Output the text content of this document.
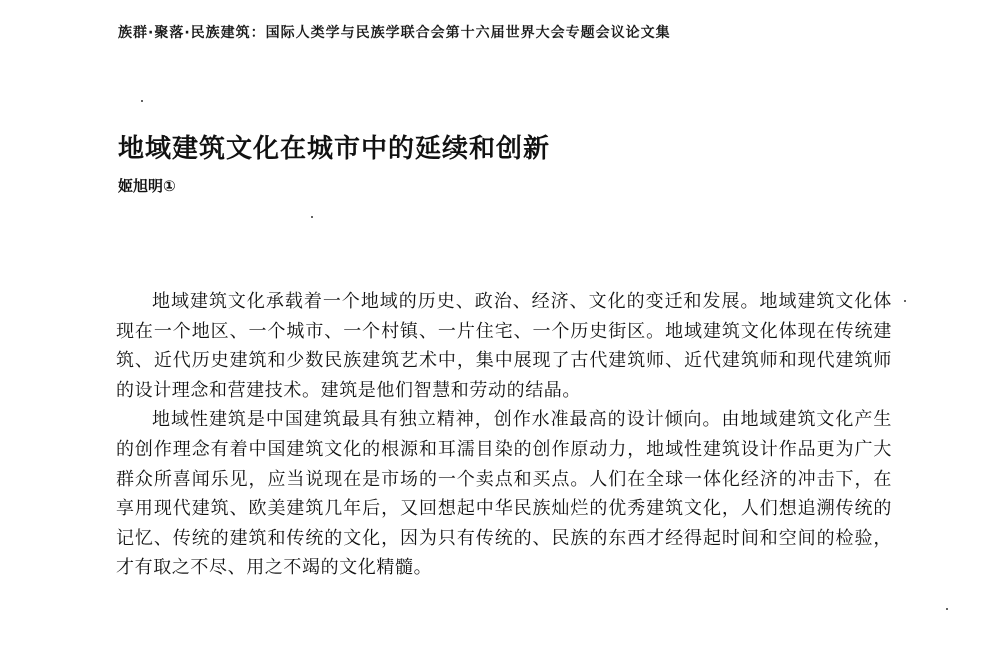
族群·聚落·民族建筑：国际人类学与民族学联合会第十六届世界大会专题会议论文集
地域建筑文化在城市中的延续和创新
姬旭明①

地域建筑文化承载着一个地域的历史、政治、经济、文化的变迁和发展。地域建筑文化体现在一个地区、一个城市、一个村镇、一片住宅、一个历史街区。地域建筑文化体现在传统建筑、近代历史建筑和少数民族建筑艺术中，集中展现了古代建筑师、近代建筑师和现代建筑师的设计理念和营建技术。建筑是他们智慧和劳动的结晶。

地域性建筑是中国建筑最具有独立精神，创作水准最高的设计倾向。由地域建筑文化产生的创作理念有着中国建筑文化的根源和耳濡目染的创作原动力，地域性建筑设计作品更为广大群众所喜闻乐见，应当说现在是市场的一个卖点和买点。人们在全球一体化经济的冲击下，在享用现代建筑、欧美建筑几年后，又回想起中华民族灿烂的优秀建筑文化，人们想追溯传统的记忆、传统的建筑和传统的文化，因为只有传统的、民族的东西才经得起时间和空间的检验，才有取之不尽、用之不竭的文化精髓。
